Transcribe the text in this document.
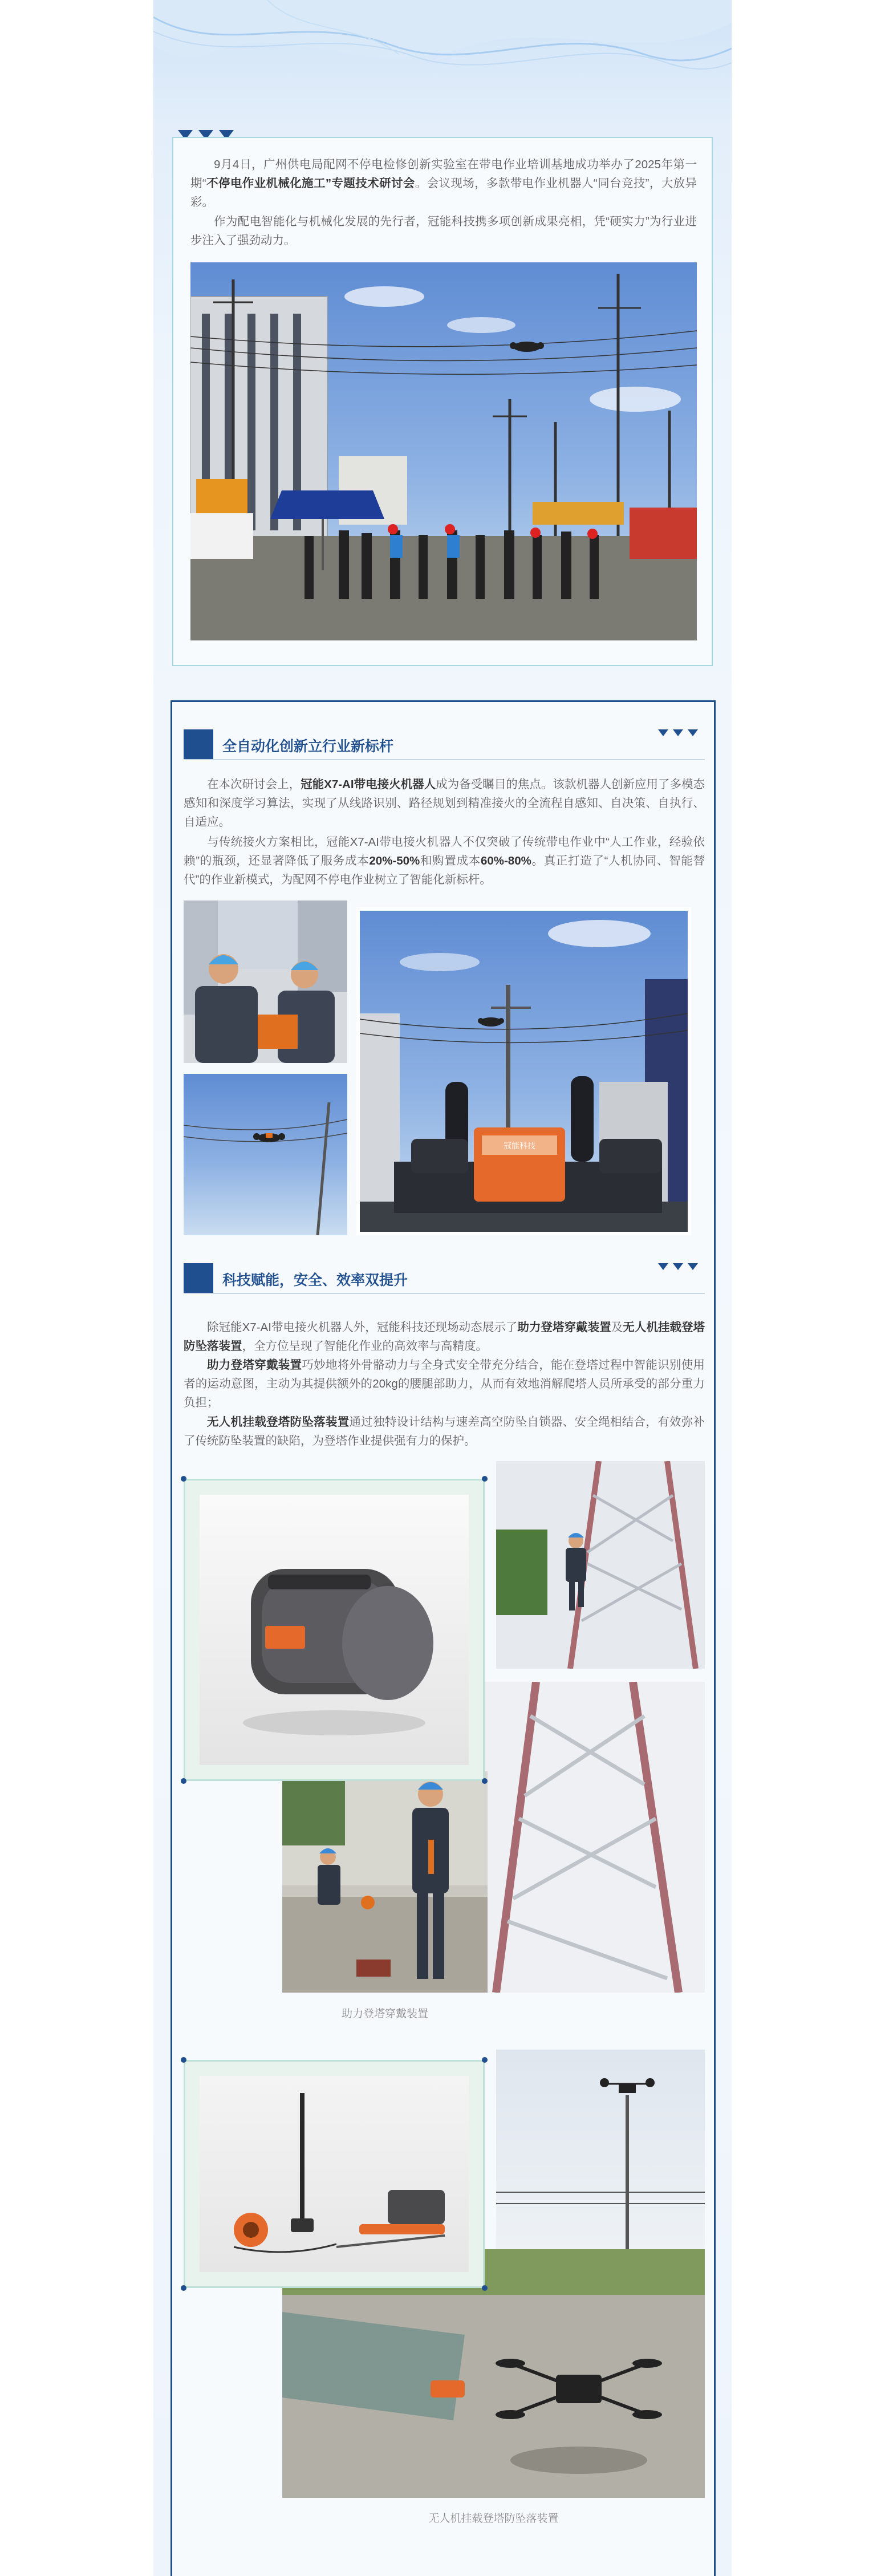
9月4日，广州供电局配网不停电检修创新实验室在带电作业培训基地成功举办了2025年第一期“不停电作业机械化施工”专题技术研讨会。会议现场，多款带电作业机器人“同台竞技”，大放异彩。

作为配电智能化与机械化发展的先行者，冠能科技携多项创新成果亮相，凭“硬实力”为行业进步注入了强劲动力。

全自动化创新立行业新标杆

在本次研讨会上，冠能X7-AI带电接火机器人成为备受瞩目的焦点。该款机器人创新应用了多模态感知和深度学习算法，实现了从线路识别、路径规划到精准接火的全流程自感知、自决策、自执行、自适应。

与传统接火方案相比，冠能X7-AI带电接火机器人不仅突破了传统带电作业中“人工作业，经验依赖”的瓶颈，还显著降低了服务成本20%-50%和购置成本60%-80%。真正打造了“人机协同、智能替代”的作业新模式，为配网不停电作业树立了智能化新标杆。

冠能科技
科技赋能，安全、效率双提升

除冠能X7-AI带电接火机器人外，冠能科技还现场动态展示了助力登塔穿戴装置及无人机挂载登塔防坠落装置，全方位呈现了智能化作业的高效率与高精度。

助力登塔穿戴装置巧妙地将外骨骼动力与全身式安全带充分结合，能在登塔过程中智能识别使用者的运动意图，主动为其提供额外的20kg的腰腿部助力，从而有效地消解爬塔人员所承受的部分重力负担；

无人机挂载登塔防坠落装置通过独特设计结构与速差高空防坠自锁器、安全绳相结合，有效弥补了传统防坠装置的缺陷，为登塔作业提供强有力的保护。

助力登塔穿戴装置
无人机挂载登塔防坠落装置
